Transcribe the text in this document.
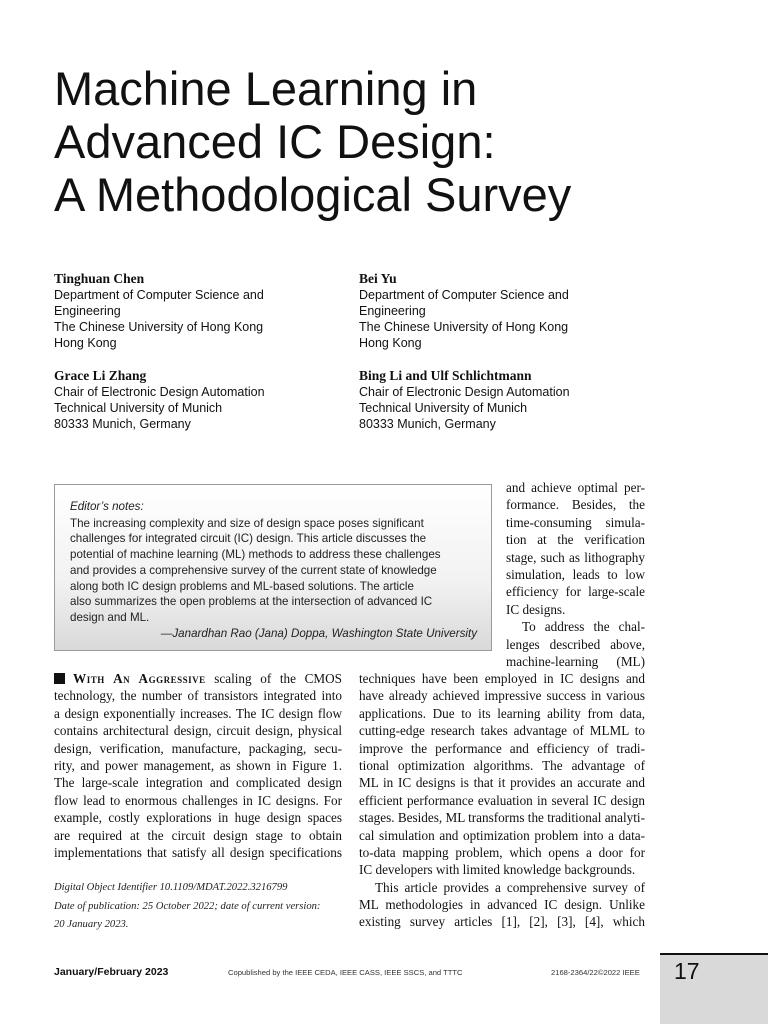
Machine Learning in
Advanced IC Design:
A Methodological Survey
Tinghuan Chen
Department of Computer Science and
Engineering
The Chinese University of Hong Kong
Hong Kong
Bei Yu
Department of Computer Science and
Engineering
The Chinese University of Hong Kong
Hong Kong
Grace Li Zhang
Chair of Electronic Design Automation
Technical University of Munich
80333 Munich, Germany
Bing Li and Ulf Schlichtmann
Chair of Electronic Design Automation
Technical University of Munich
80333 Munich, Germany
Editor’s notes:
The increasing complexity and size of design space poses significant
challenges for integrated circuit (IC) design. This article discusses the
potential of machine learning (ML) methods to address these challenges
and provides a comprehensive survey of the current state of knowledge
along both IC design problems and ML-based solutions. The article
also summarizes the open problems at the intersection of advanced IC
design and ML.
—Janardhan Rao (Jana) Doppa, Washington State University
and achieve optimal per-
formance. Besides, the
time-consuming simula-
tion at the verification
stage, such as lithography
simulation, leads to low
efficiency for large-scale
IC designs.
To address the chal-
lenges described above,
machine-learning (ML)
With An Aggressive scaling of the CMOS
technology, the number of transistors integrated into
a design exponentially increases. The IC design flow
contains architectural design, circuit design, physical
design, verification, manufacture, packaging, secu-
rity, and power management, as shown in Figure 1.
The large-scale integration and complicated design
flow lead to enormous challenges in IC designs. For
example, costly explorations in huge design spaces
are required at the circuit design stage to obtain
implementations that satisfy all design specifications
techniques have been employed in IC designs and
have already achieved impressive success in various
applications. Due to its learning ability from data,
cutting-edge research takes advantage of MLML to
improve the performance and efficiency of tradi-
tional optimization algorithms. The advantage of
ML in IC designs is that it provides an accurate and
efficient performance evaluation in several IC design
stages. Besides, ML transforms the traditional analyti-
cal simulation and optimization problem into a data-
to-data mapping problem, which opens a door for
IC developers with limited knowledge backgrounds.
This article provides a comprehensive survey of
ML methodologies in advanced IC design. Unlike
existing survey articles [1], [2], [3], [4], which
Digital Object Identifier 10.1109/MDAT.2022.3216799
Date of publication: 25 October 2022; date of current version:
20 January 2023.
January/February 2023	Copublished by the IEEE CEDA, IEEE CASS, IEEE SSCS, and TTTC	2168-2364/22©2022 IEEE 17
